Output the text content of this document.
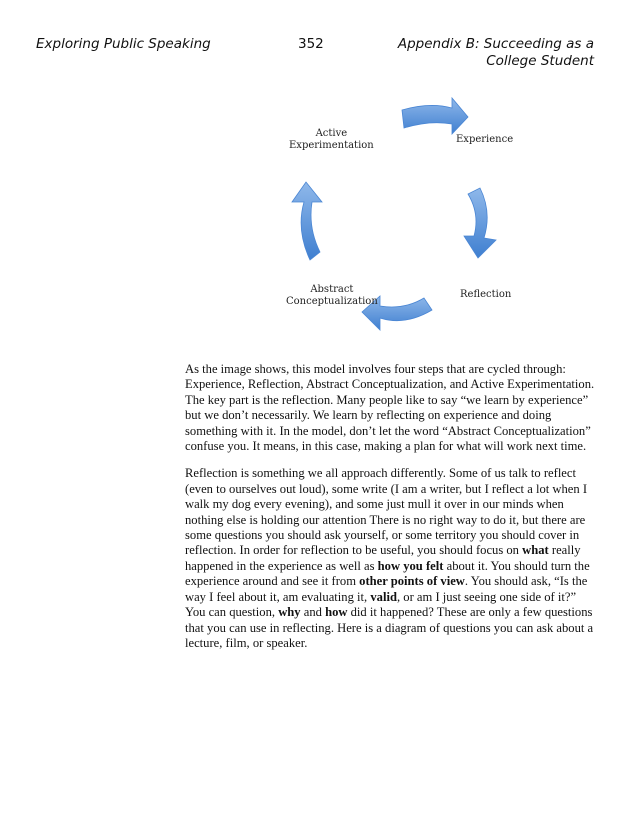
Exploring Public Speaking	352	Appendix B: Succeeding as a
College Student
Experience
Reflection
Abstract
Conceptualization
Active
Experimentation

As the image shows, this model involves four steps that are cycled through: Experience, Reflection, Abstract Conceptualization, and Active Experimentation. The key part is the reflection. Many people like to say “we learn by experience” but we don’t necessarily. We learn by reflecting on experience and doing something with it. In the model, don’t let the word “Abstract Conceptualization” confuse you. It means, in this case, making a plan for what will work next time.

Reflection is something we all approach differently. Some of us talk to reflect (even to ourselves out loud), some write (I am a writer, but I reflect a lot when I walk my dog every evening), and some just mull it over in our minds when nothing else is holding our attention There is no right way to do it, but there are some questions you should ask yourself, or some territory you should cover in reflection. In order for reflection to be useful, you should focus on what really happened in the experience as well as how you felt about it. You should turn the experience around and see it from other points of view. You should ask, “Is the way I feel about it, am evaluating it, valid, or am I just seeing one side of it?” You can question, why and how did it happened? These are only a few questions that you can use in reflecting. Here is a diagram of questions you can ask about a lecture, film, or speaker.
